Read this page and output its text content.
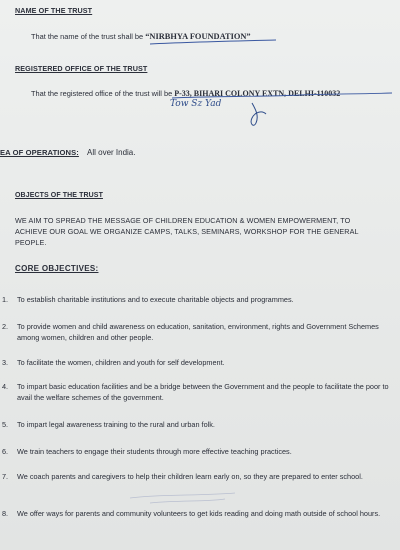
NAME OF THE TRUST
That the name of the trust shall be “NIRBHYA FOUNDATION”
REGISTERED OFFICE OF THE TRUST
That the registered office of the trust will be P-33, BIHARI COLONY EXTN, DELHI-110032
Tow Sz Yad
EA OF OPERATIONS: All over India.
OBJECTS OF THE TRUST
WE AIM TO SPREAD THE MESSAGE OF CHILDREN EDUCATION & WOMEN EMPOWERMENT, TO
ACHIEVE OUR GOAL WE ORGANIZE CAMPS, TALKS, SEMINARS, WORKSHOP FOR THE GENERAL
PEOPLE.
CORE OBJECTIVES:
1. To establish charitable institutions and to execute charitable objects and programmes.
2. To provide women and child awareness on education, sanitation, environment, rights and Government Schemes among women, children and other people.
3. To facilitate the women, children and youth for self development.
4. To impart basic education facilities and be a bridge between the Government and the people to facilitate the poor to avail the welfare schemes of the government.
5. To impart legal awareness training to the rural and urban folk.
6. We train teachers to engage their students through more effective teaching practices.
7. We coach parents and caregivers to help their children learn early on, so they are prepared to enter school.
8. We offer ways for parents and community volunteers to get kids reading and doing math outside of school hours.
